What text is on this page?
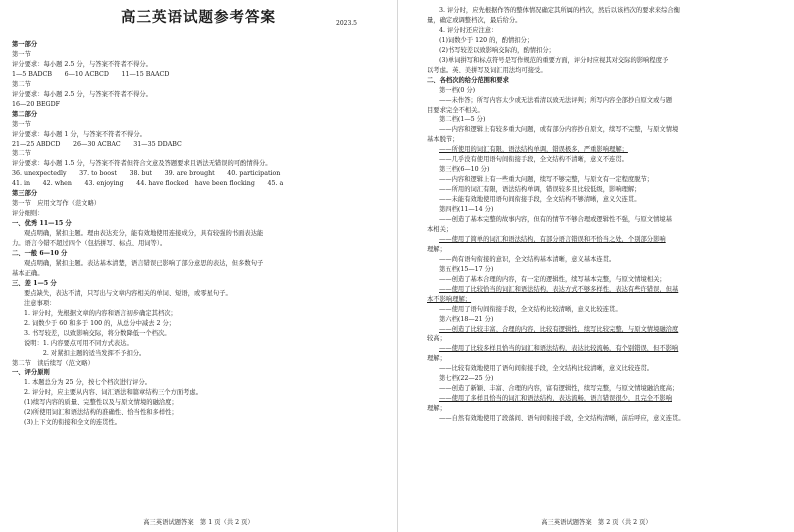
高三英语试题参考答案	2023.5
第一部分
第一节
评分要求：每小题 2.5 分，与答案不符者不得分。
1—5 BADCB　　6—10 ACBCD　　11—15 BAACD
第二节
评分要求：每小题 2.5 分，与答案不符者不得分。
16—20 BEGDF
第二部分
第一节
评分要求：每小题 1 分，与答案不符者不得分。
21—25 ABDCD　　26—30 ACBAC　　31—35 DDABC
第二节
评分要求：每小题 1.5 分，与答案不符者但符合文意及答题要求且语法无错误的可酌情得分。
36. unexpectedly　　37. to boost　　38. but　　39. are brought　　40. participation
41. in　　42. when　　43. enjoying　　44. have flocked　have been flocking　　45. a
第三部分
第一节　应用文写作（范文略）
评分细则：
一、优秀 11—15 分
观点明确，紧扣主题。理由表达充分，能有效地使用连接成分，具有较强的书面表达能
力。语言今错不超过四个（包括拼写、标点、用词等）。
二、一般 6—10 分
观点明确，紧扣主题。表达基本清楚，语言错误已影响了部分意思的表达，但多数句子
基本正确。
三、差 1—5 分
要点缺失，表达不清，只写出与文章内容相关的单词、短语，或零星句子。
注意事项：
1. 评分时，先根据文章的内容和语言初步确定其档次；
2. 词数少于 60 和多于 100 的，从总分中减去 2 分；
3. 书写较差，以致影响交际，将分数降低一个档次。
说明：1. 内容要点可用不同方式表达。
　　　2. 对紧扣主题的适当发挥不予扣分。
第二节　读后续写（范文略）
一、评分原则
1. 本题总分为 25 分，按七个档次进行评分。
2. 评分时，应主要从内容、词汇语法和篇章结构三个方面考虑。
(1)续写内容的质量、完整性以及与原文情境的融洽度；
(2)所使用词汇和语法结构的准确性、恰当性和多样性；
(3)上下文的衔接和全文的连贯性。
高三英语试题答案　第 1 页（共 2 页）
3. 评分时，应先根据作答的整体情况确定其所属的档次，然后以该档次的要求来综合衡
量，确定或调整档次，最后给分。
4. 评分时还应注意：
(1)词数少于 120 的，酌情扣分；
(2)书写较差以致影响交际的，酌情扣分；
(3)单词拼写和标点符号是写作规范的重要方面，评分时应视其对交际的影响程度予
以考虑。英、美拼写及词汇用法均可接受。
二、各档次的给分范围和要求
第一档(0 分)
——未作答；所写内容太少或无法看清以致无法评判；所写内容全部抄自原文或与题
目要求完全不相关。
第二档(1—5 分)
——内容和逻辑上有较多重大问题，或有部分内容抄自原文，续写不完整，与原文情境
基本脱节；
——所使用的词汇有限，语法结构单调，错误极多，严重影响理解；
——几乎没有使用语句间衔接手段，全文结构不清晰，意义不连贯。
第三档(6—10 分)
——内容和逻辑上有一些重大问题，续写不够完整，与原文有一定程度脱节；
——所用的词汇有限，语法结构单调，错误较多且比较低级，影响理解；
——未能有效地使用语句间衔接手段，全文结构不够清晰，意义欠连贯。
第四档(11—14 分)
——创造了基本完整的故事内容，但有的情节不够合理或逻辑性不强，与原文情境基
本相关；
——使用了简单的词汇和语法结构，有部分语言错误和不恰当之处，个别部分影响
理解；
——尚有语句衔接的意识，全文结构基本清晰，意义基本连贯。
第五档(15—17 分)
——创造了基本合理的内容，有一定的逻辑性，续写基本完整，与原文情境相关；
——使用了比较恰当的词汇和语法结构，表达方式不够多样性，表达有些许错误，但基
本不影响理解；
——使用了语句间衔接手段，全文结构比较清晰，意义比较连贯。
第六档(18—21 分)
——创造了比较丰富、合理的内容，比较有逻辑性，续写比较完整，与原文情境融洽度
较高；
——使用了比较多样且恰当的词汇和语法结构，表达比较流畅，有个别错误，但不影响
理解；
——比较有效地使用了语句间衔接手段，全文结构比较清晰，意义比较连贯。
第七档(22—25 分)
——创造了新颖、丰富、合理的内容，富有逻辑性，续写完整，与原文情境融洽度高；
——使用了多样且恰当的词汇和语法结构，表达流畅，语言错误很少，且完全不影响
理解；
——自然有效地使用了段落间、语句间衔接手段，全文结构清晰，前后呼应，意义连贯。
高三英语试题答案　第 2 页（共 2 页）
